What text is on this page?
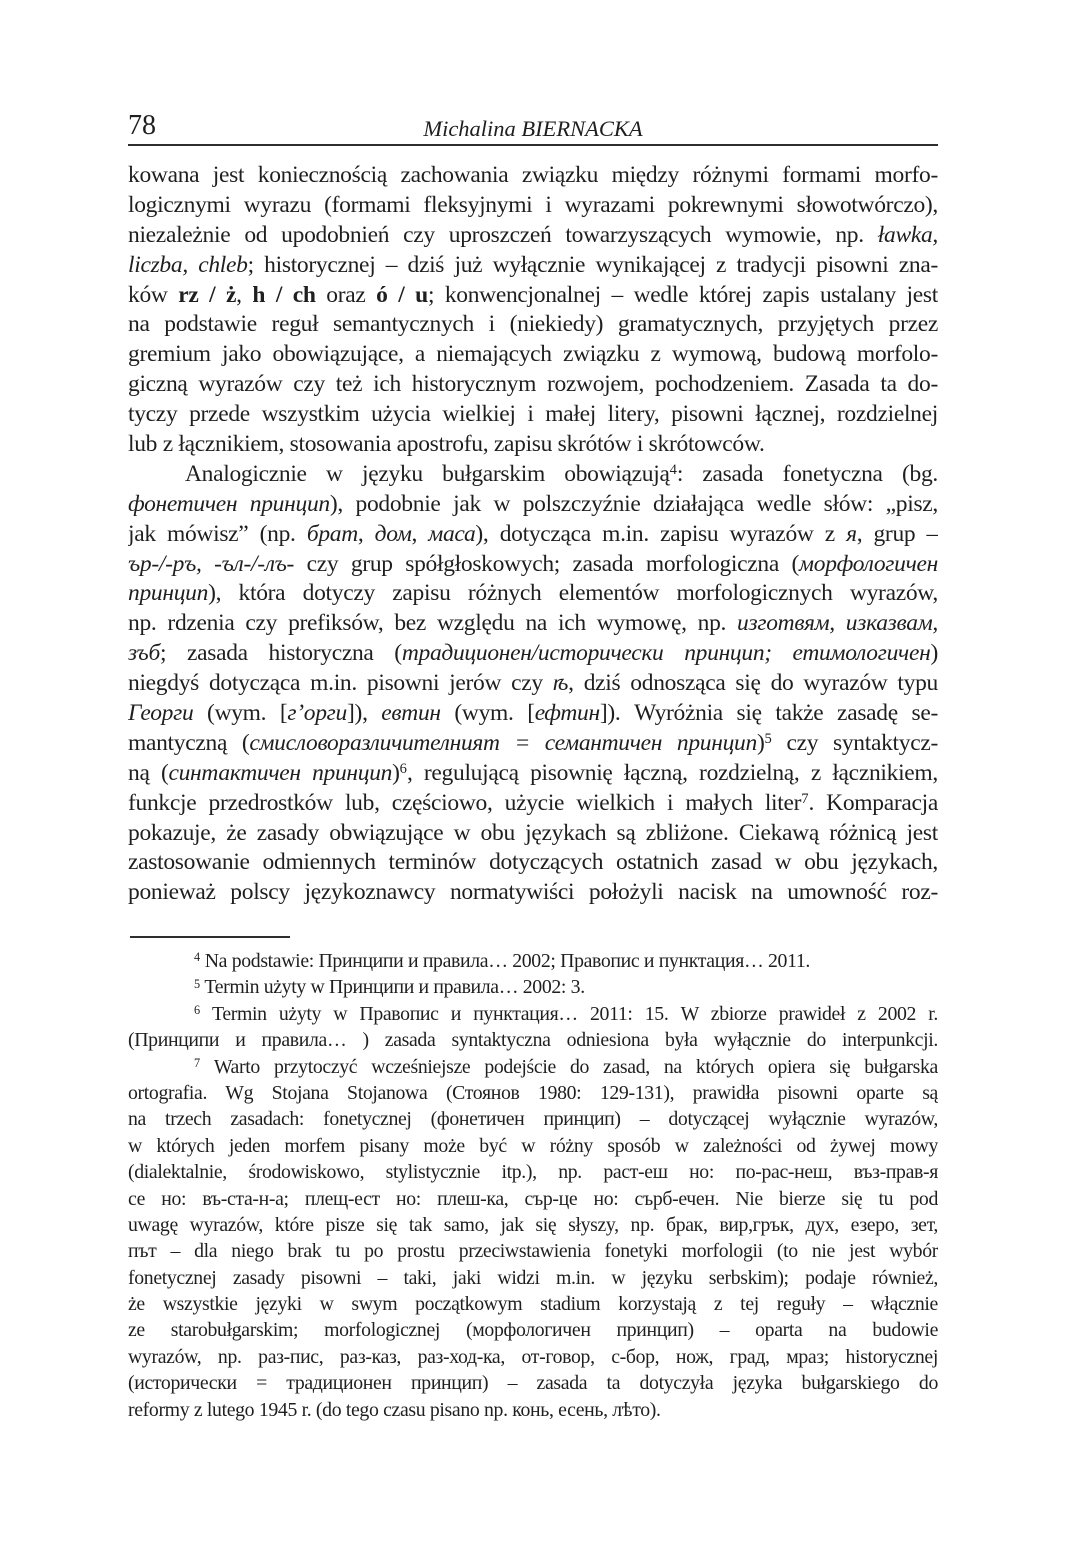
78	Michalina BIERNACKA
kowana jest koniecznością zachowania związku między różnymi formami morfo-
logicznymi wyrazu (formami fleksyjnymi i wyrazami pokrewnymi słowotwórczo),
niezależnie od upodobnień czy uproszczeń towarzyszących wymowie, np. ławka,
liczba, chleb; historycznej – dziś już wyłącznie wynikającej z tradycji pisowni zna-
ków rz / ż, h / ch oraz ó / u; konwencjonalnej – wedle której zapis ustalany jest
na podstawie reguł semantycznych i (niekiedy) gramatycznych, przyjętych przez
gremium jako obowiązujące, a niemających związku z wymową, budową morfolo-
giczną wyrazów czy też ich historycznym rozwojem, pochodzeniem. Zasada ta do-
tyczy przede wszystkim użycia wielkiej i małej litery, pisowni łącznej, rozdzielnej
lub z łącznikiem, stosowania apostrofu, zapisu skrótów i skrótowców.
Analogicznie w języku bułgarskim obowiązują$^4$: zasada fonetyczna (bg.
фонетичен принцип), podobnie jak w polszczyźnie działająca wedle słów: „pisz,
jak mówisz” (np. брат, дом, маса), dotycząca m.in. zapisu wyrazów z я, grup –
ър-/-ръ, -ъл-/-лъ- czy grup spółgłoskowych; zasada morfologiczna (морфологичен
принцип), która dotyczy zapisu różnych elementów morfologicznych wyrazów,
np. rdzenia czy prefiksów, bez względu na ich wymowę, np. изготвям, изказвам,
зъб; zasada historyczna (традиционен/исторически принцип; етимологичен)
niegdyś dotycząca m.in. pisowni jerów czy ѣ, dziś odnosząca się do wyrazów typu
Георги (wym. [г’орги]), евтин (wym. [ефтин]). Wyróżnia się także zasadę se-
mantyczną (смисловоразличителният = семантичен принцип)$^5$ czy syntaktycz-
ną (синтактичен принцип)$^6$, regulującą pisownię łączną, rozdzielną, z łącznikiem,
funkcje przedrostków lub, częściowo, użycie wielkich i małych liter$^7$. Komparacja
pokazuje, że zasady obwiązujące w obu językach są zbliżone. Ciekawą różnicą jest
zastosowanie odmiennych terminów dotyczących ostatnich zasad w obu językach,
ponieważ polscy językoznawcy normatywiści położyli nacisk na umowność roz-
$^4$ Na podstawie: Принципи и правила… 2002; Правопис и пунктация… 2011.
$^5$ Termin użyty w Принципи и правила… 2002: 3.
$^6$ Termin użyty w Правопис и пунктация… 2011: 15. W zbiorze prawideł z 2002 r.
(Принципи и правила… ) zasada syntaktyczna odniesiona była wyłącznie do interpunkcji.
$^7$ Warto przytoczyć wcześniejsze podejście do zasad, na których opiera się bułgarska
ortografia. Wg Stojana Stojanowa (Стоянов 1980: 129-131), prawidła pisowni oparte są
na trzech zasadach: fonetycznej (фонетичен принцип) – dotyczącej wyłącznie wyrazów,
w których jeden morfem pisany może być w różny sposób w zależności od żywej mowy
(dialektalnie, środowiskowo, stylistycznie itp.), np. раст-еш но: по-рас-неш, въз-прав-я
се но: въ-ста-н-а; плещ-ест но: плеш-ка, сър-це но: сърб-ечен. Nie bierze się tu pod
uwagę wyrazów, które pisze się tak samo, jak się słyszy, np. брак, вир,грък, дух, езеро, зет,
път – dla niego brak tu po prostu przeciwstawienia fonetyki morfologii (to nie jest wybór
fonetycznej zasady pisowni – taki, jaki widzi m.in. w języku serbskim); podaje również,
że wszystkie języki w swym początkowym stadium korzystają z tej reguły – włącznie
ze starobułgarskim; morfologicznej (морфологичен принцип) – oparta na budowie
wyrazów, np. раз-пис, раз-каз, раз-ход-ка, от-говор, с-бор, нож, град, мраз; historycznej
(исторически = традиционен принцип) – zasada ta dotyczyła języka bułgarskiego do
reformy z lutego 1945 r. (do tego czasu pisano np. конь, есень, лѣто).
